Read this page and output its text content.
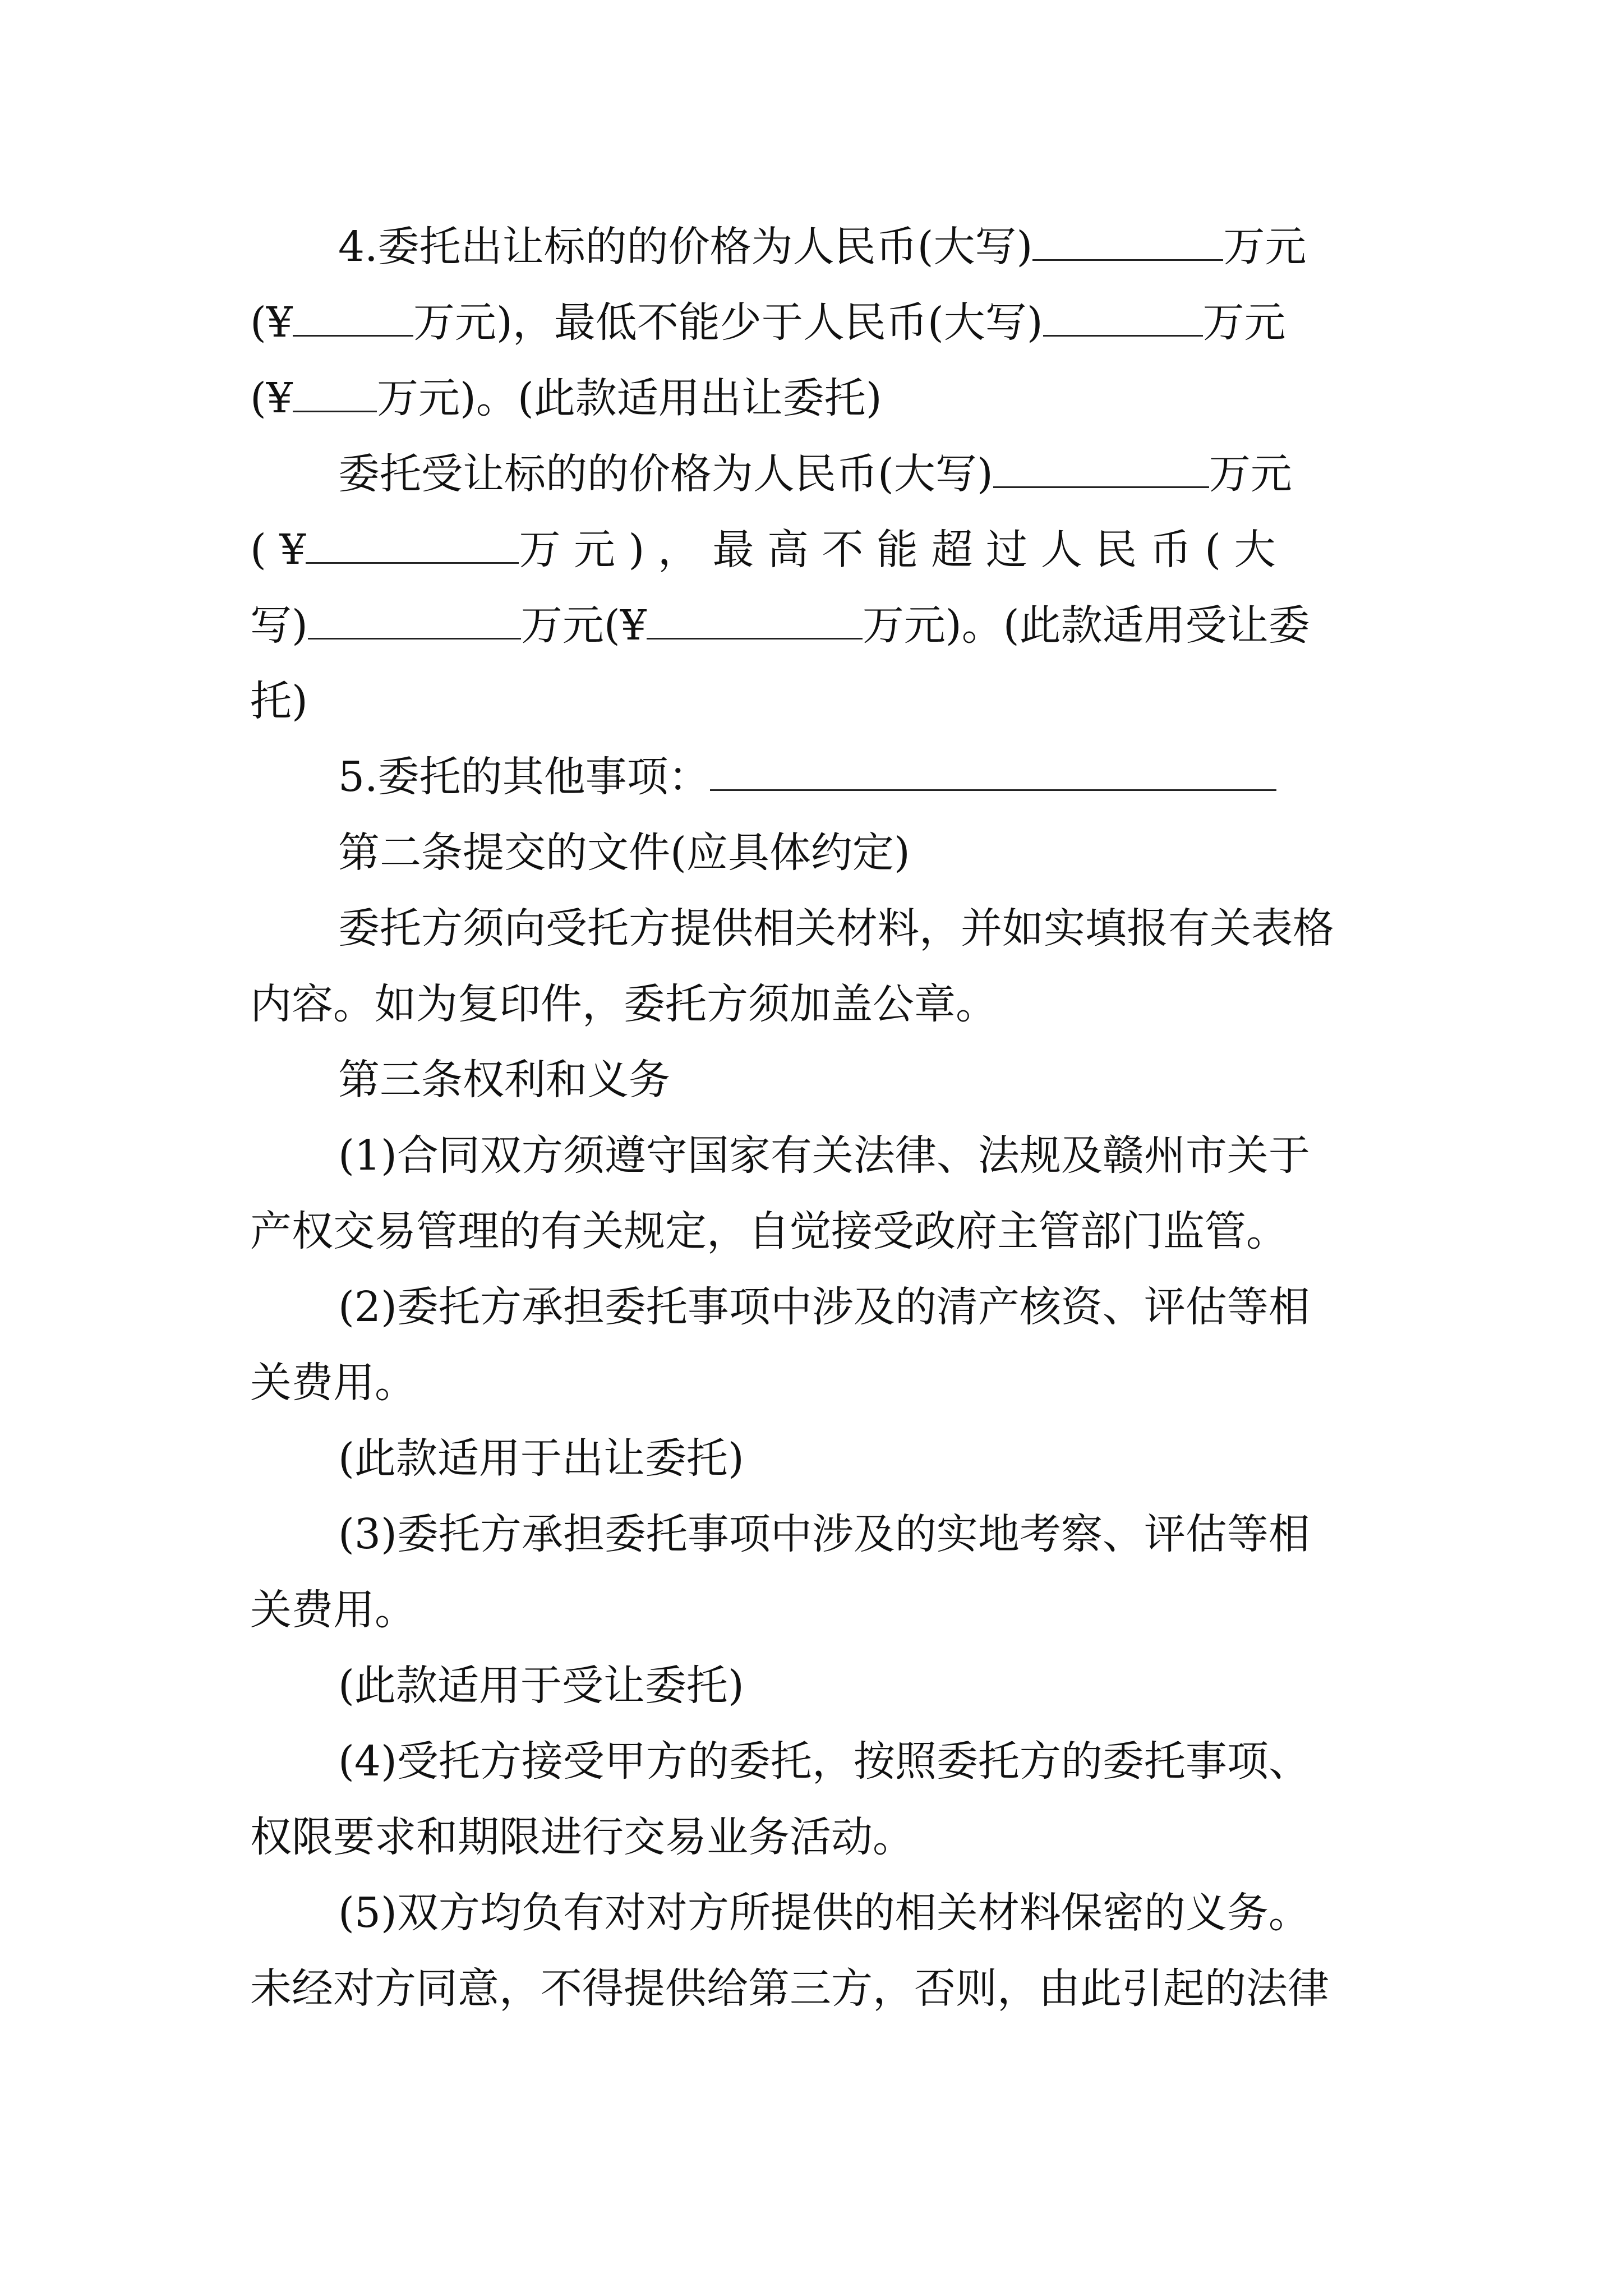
4.委托出让标的的价格为人民币(大写)	万元
(¥	万元)，最低不能少于人民币(大写)	万元
(¥ 万元)。(此款适用出让委托)
委托受让标的的价格为人民币(大写)	万元
( ¥	万 元 ) ， 最 高 不 能 超 过 人 民 币 ( 大
写)	万元(¥	万元)。(此款适用受让委
托)
5.委托的其他事项：
第二条提交的文件(应具体约定)
委托方须向受托方提供相关材料，并如实填报有关表格
内容。如为复印件，委托方须加盖公章。
第三条权利和义务
(1)合同双方须遵守国家有关法律、法规及赣州市关于
产权交易管理的有关规定，自觉接受政府主管部门监管。
(2)委托方承担委托事项中涉及的清产核资、评估等相
关费用。
(此款适用于出让委托)
(3)委托方承担委托事项中涉及的实地考察、评估等相
关费用。
(此款适用于受让委托)
(4)受托方接受甲方的委托，按照委托方的委托事项、
权限要求和期限进行交易业务活动。
(5)双方均负有对对方所提供的相关材料保密的义务。
未经对方同意，不得提供给第三方，否则，由此引起的法律
